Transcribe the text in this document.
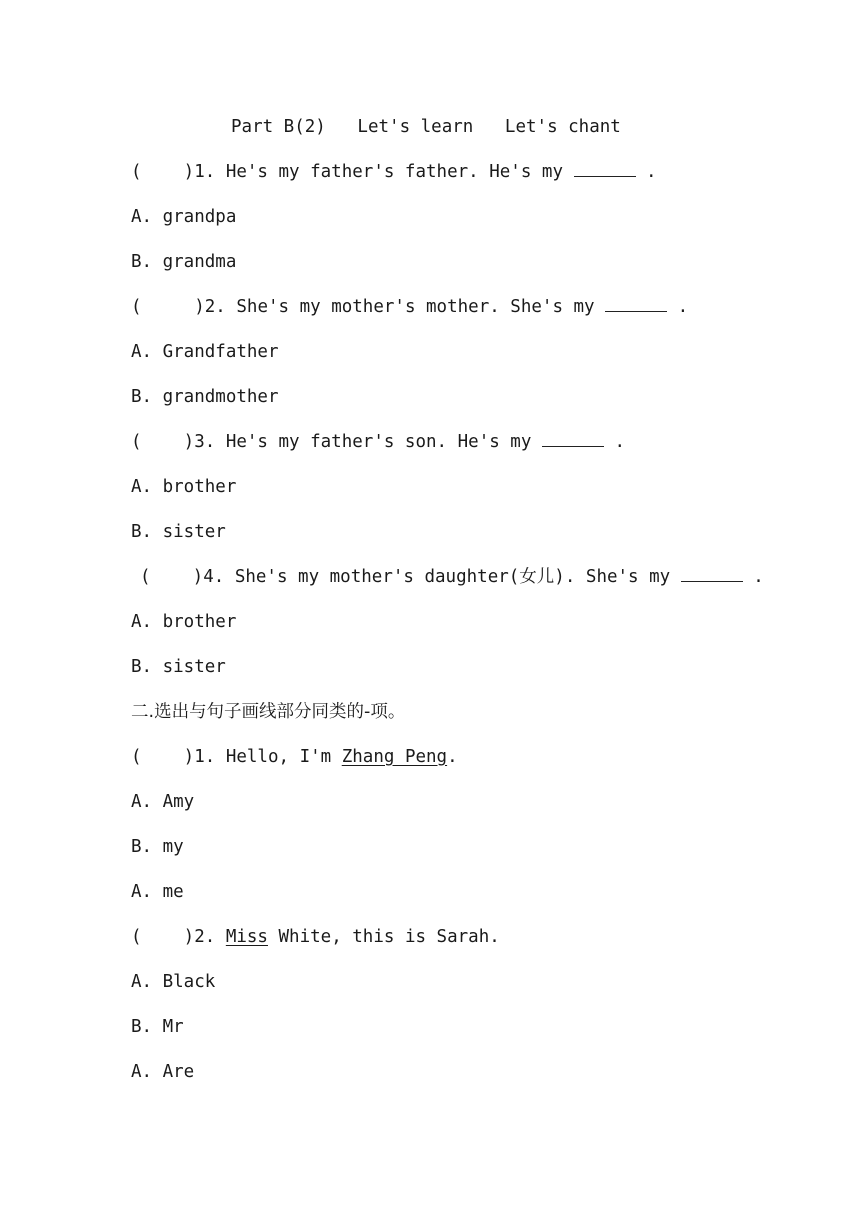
Part B(2)   Let's learn   Let's chant
(    )1. He's my father's father. He's my	.
A. grandpa
B. grandma
(     )2. She's my mother's mother. She's my	.
A. Grandfather
B. grandmother
(    )3. He's my father's son. He's my	.
A. brother
B. sister
(    )4. She's my mother's daughter(女儿). She's my	.
A. brother
B. sister
二.选出与句子画线部分同类的-项。
(    )1. Hello, I'm Zhang Peng.
A. Amy
B. my
A. me
(    )2. Miss White, this is Sarah.
A. Black
B. Mr
A. Are
